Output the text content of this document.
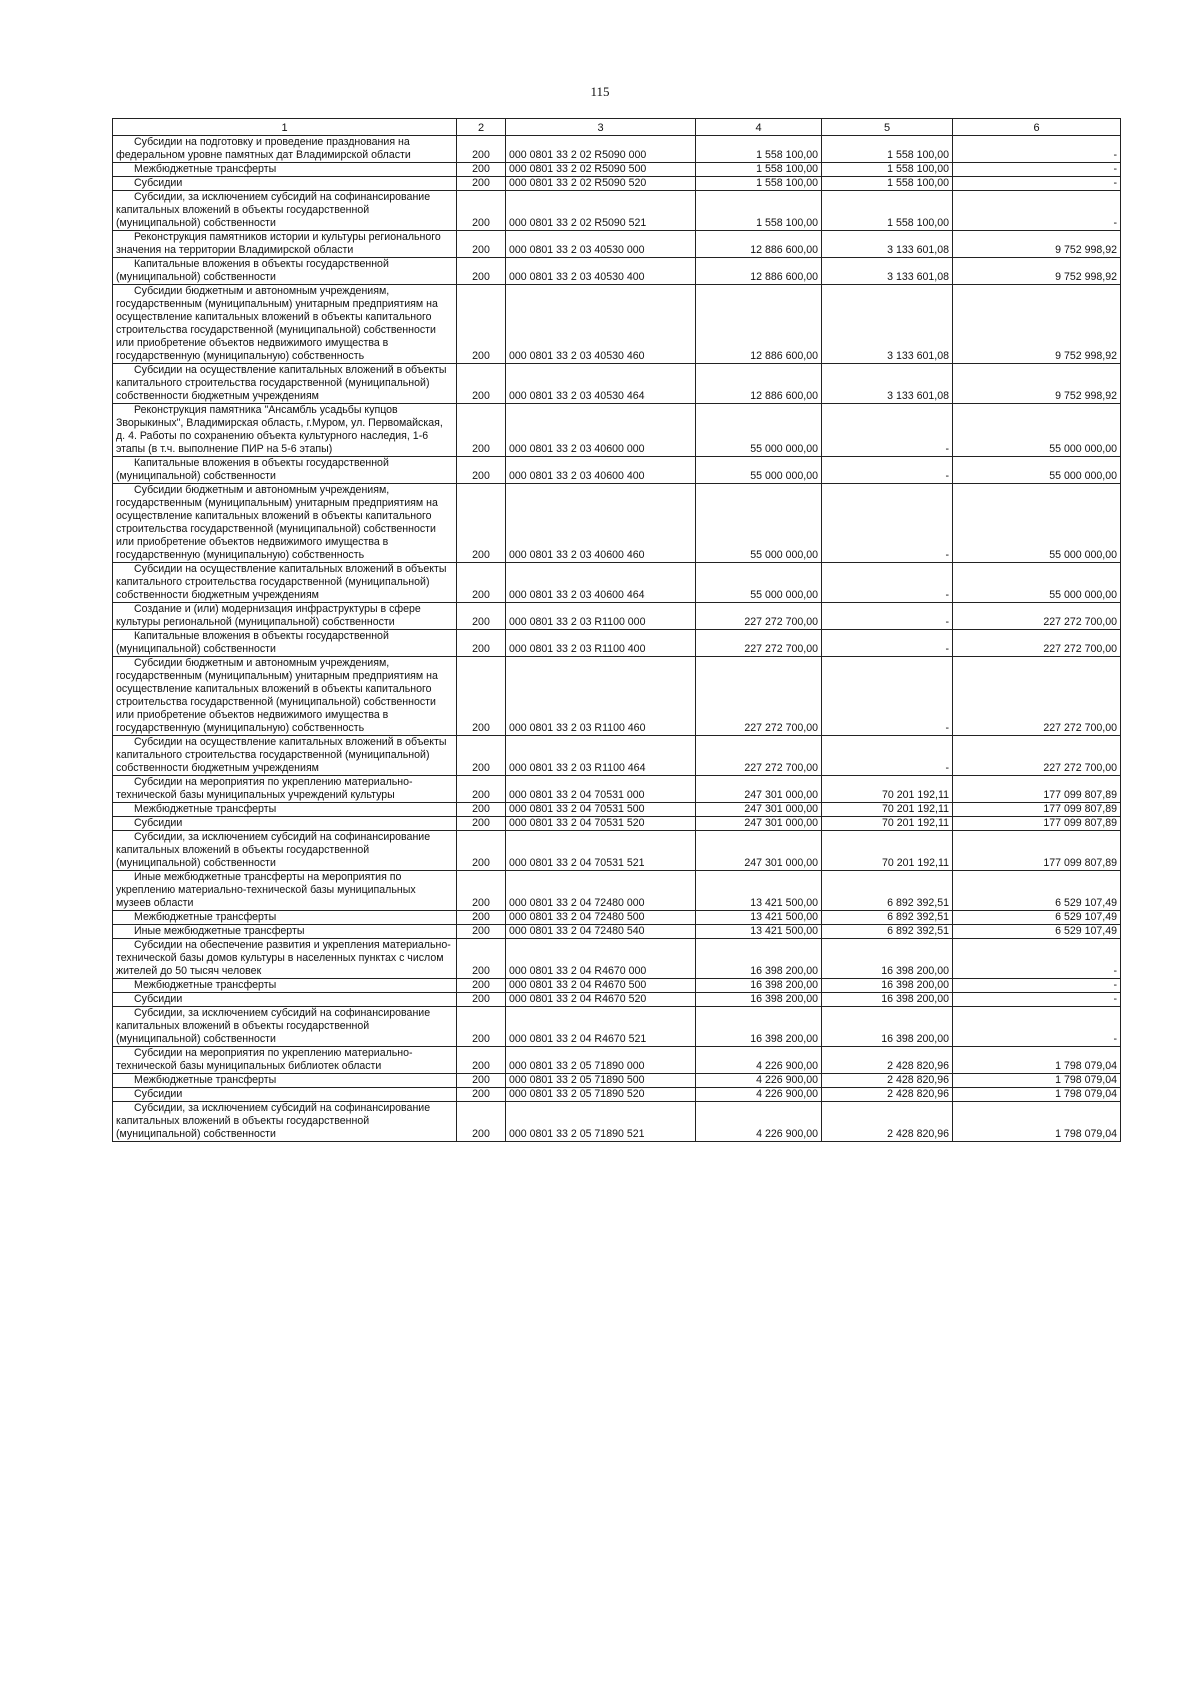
115
1	2	3	4	5	6

Субсидии на подготовку и проведение празднования на федеральном уровне памятных дат Владимирской области	200	000 0801 33 2 02 R5090 000	1 558 100,00	1 558 100,00	-

Межбюджетные трансферты	200	000 0801 33 2 02 R5090 500	1 558 100,00	1 558 100,00	-

Субсидии	200	000 0801 33 2 02 R5090 520	1 558 100,00	1 558 100,00	-

Субсидии, за исключением субсидий на софинансирование капитальных вложений в объекты государственной (муниципальной) собственности	200	000 0801 33 2 02 R5090 521	1 558 100,00	1 558 100,00	-

Реконструкция памятников истории и культуры регионального значения на территории Владимирской области	200	000 0801 33 2 03 40530 000	12 886 600,00	3 133 601,08	9 752 998,92

Капитальные вложения в объекты государственной (муниципальной) собственности	200	000 0801 33 2 03 40530 400	12 886 600,00	3 133 601,08	9 752 998,92

Субсидии бюджетным и автономным учреждениям, государственным (муниципальным) унитарным предприятиям на осуществление капитальных вложений в объекты капитального строительства государственной (муниципальной) собственности или приобретение объектов недвижимого имущества в государственную (муниципальную) собственность	200	000 0801 33 2 03 40530 460	12 886 600,00	3 133 601,08	9 752 998,92

Субсидии на осуществление капитальных вложений в объекты капитального строительства государственной (муниципальной) собственности бюджетным учреждениям	200	000 0801 33 2 03 40530 464	12 886 600,00	3 133 601,08	9 752 998,92

Реконструкция памятника "Ансамбль усадьбы купцов Зворыкиных", Владимирская область, г.Муром, ул. Первомайская, д. 4. Работы по сохранению объекта культурного наследия, 1-6 этапы (в т.ч. выполнение ПИР на 5-6 этапы)	200	000 0801 33 2 03 40600 000	55 000 000,00	-	55 000 000,00

Капитальные вложения в объекты государственной (муниципальной) собственности	200	000 0801 33 2 03 40600 400	55 000 000,00	-	55 000 000,00

Субсидии бюджетным и автономным учреждениям, государственным (муниципальным) унитарным предприятиям на осуществление капитальных вложений в объекты капитального строительства государственной (муниципальной) собственности или приобретение объектов недвижимого имущества в государственную (муниципальную) собственность	200	000 0801 33 2 03 40600 460	55 000 000,00	-	55 000 000,00

Субсидии на осуществление капитальных вложений в объекты капитального строительства государственной (муниципальной) собственности бюджетным учреждениям	200	000 0801 33 2 03 40600 464	55 000 000,00	-	55 000 000,00

Создание и (или) модернизация инфраструктуры в сфере культуры региональной (муниципальной) собственности	200	000 0801 33 2 03 R1100 000	227 272 700,00	-	227 272 700,00

Капитальные вложения в объекты государственной (муниципальной) собственности	200	000 0801 33 2 03 R1100 400	227 272 700,00	-	227 272 700,00

Субсидии бюджетным и автономным учреждениям, государственным (муниципальным) унитарным предприятиям на осуществление капитальных вложений в объекты капитального строительства государственной (муниципальной) собственности или приобретение объектов недвижимого имущества в государственную (муниципальную) собственность	200	000 0801 33 2 03 R1100 460	227 272 700,00	-	227 272 700,00

Субсидии на осуществление капитальных вложений в объекты капитального строительства государственной (муниципальной) собственности бюджетным учреждениям	200	000 0801 33 2 03 R1100 464	227 272 700,00	-	227 272 700,00

Субсидии на мероприятия по укреплению материально-технической базы муниципальных учреждений культуры	200	000 0801 33 2 04 70531 000	247 301 000,00	70 201 192,11	177 099 807,89

Межбюджетные трансферты	200	000 0801 33 2 04 70531 500	247 301 000,00	70 201 192,11	177 099 807,89

Субсидии	200	000 0801 33 2 04 70531 520	247 301 000,00	70 201 192,11	177 099 807,89

Субсидии, за исключением субсидий на софинансирование капитальных вложений в объекты государственной (муниципальной) собственности	200	000 0801 33 2 04 70531 521	247 301 000,00	70 201 192,11	177 099 807,89

Иные межбюджетные трансферты на мероприятия по укреплению материально-технической базы муниципальных музеев области	200	000 0801 33 2 04 72480 000	13 421 500,00	6 892 392,51	6 529 107,49

Межбюджетные трансферты	200	000 0801 33 2 04 72480 500	13 421 500,00	6 892 392,51	6 529 107,49

Иные межбюджетные трансферты	200	000 0801 33 2 04 72480 540	13 421 500,00	6 892 392,51	6 529 107,49

Субсидии на обеспечение развития и укрепления материально-технической базы домов культуры в населенных пунктах с числом жителей до 50 тысяч человек	200	000 0801 33 2 04 R4670 000	16 398 200,00	16 398 200,00	-

Межбюджетные трансферты	200	000 0801 33 2 04 R4670 500	16 398 200,00	16 398 200,00	-

Субсидии	200	000 0801 33 2 04 R4670 520	16 398 200,00	16 398 200,00	-

Субсидии, за исключением субсидий на софинансирование капитальных вложений в объекты государственной (муниципальной) собственности	200	000 0801 33 2 04 R4670 521	16 398 200,00	16 398 200,00	-

Субсидии на мероприятия по укреплению материально-технической базы муниципальных библиотек области	200	000 0801 33 2 05 71890 000	4 226 900,00	2 428 820,96	1 798 079,04

Межбюджетные трансферты	200	000 0801 33 2 05 71890 500	4 226 900,00	2 428 820,96	1 798 079,04

Субсидии	200	000 0801 33 2 05 71890 520	4 226 900,00	2 428 820,96	1 798 079,04

Субсидии, за исключением субсидий на софинансирование капитальных вложений в объекты государственной (муниципальной) собственности	200	000 0801 33 2 05 71890 521	4 226 900,00	2 428 820,96	1 798 079,04
